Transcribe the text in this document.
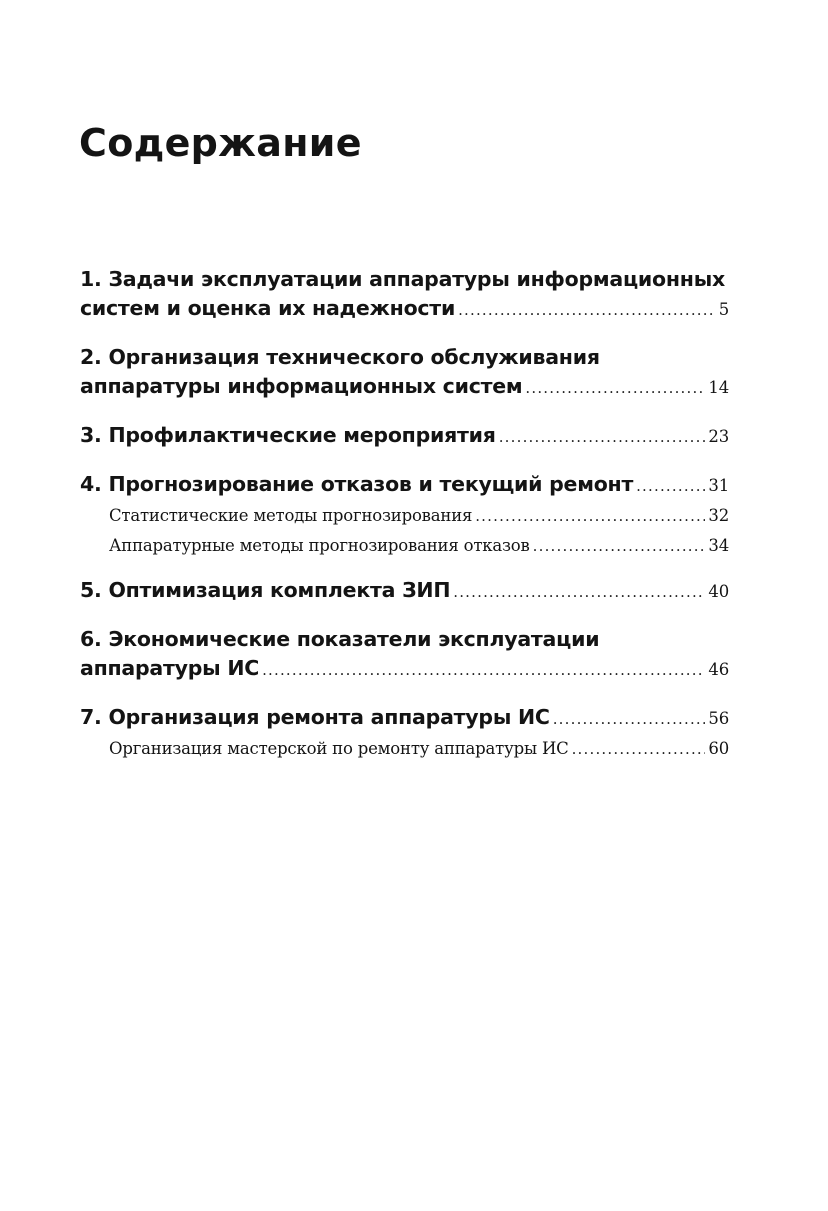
Содержание
1. Задачи эксплуатации аппаратуры информационных
систем и оценка их надежности .....	5
2. Организация технического обслуживания
аппаратуры информационных систем .....	14
3. Профилактические мероприятия .....	23
4. Прогнозирование отказов и текущий ремонт .....	31
Статистические методы прогнозирования .....	32
Аппаратурные методы прогнозирования отказов .....	34
5. Оптимизация комплекта ЗИП .....	40
6. Экономические показатели эксплуатации
аппаратуры ИС .....	46
7. Организация ремонта аппаратуры ИС .....	56
Организация мастерской по ремонту аппаратуры ИС .....	60
